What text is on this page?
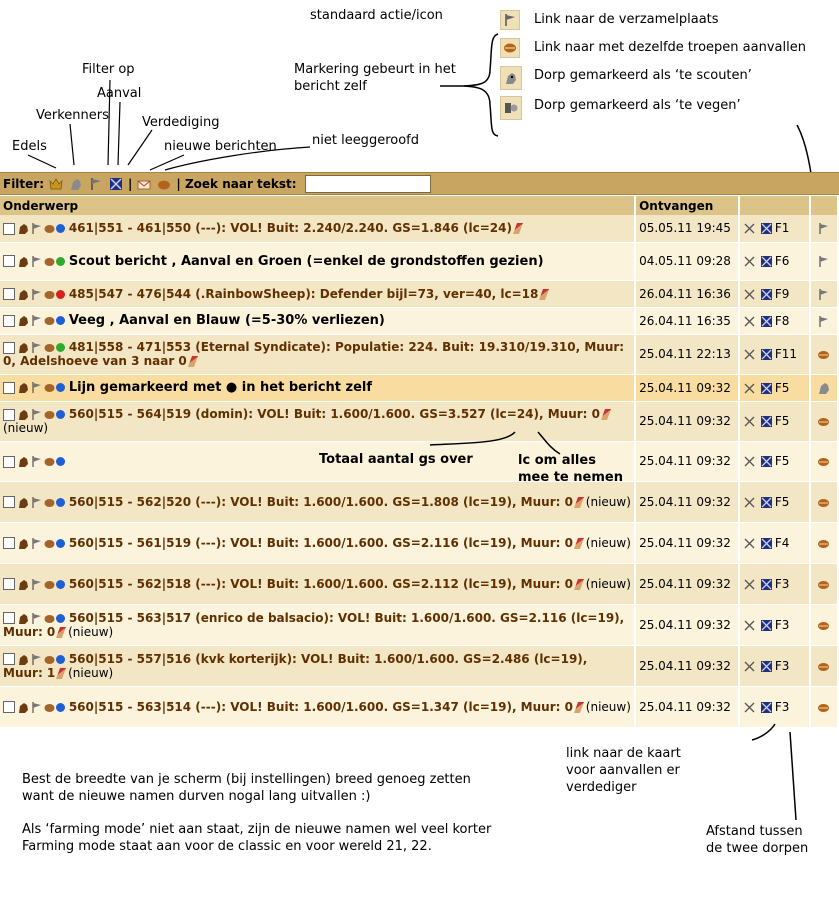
standaard actie/icon	Link naar de verzamelplaats
Link naar met dezelfde troepen aanvallen
Dorp gemarkeerd als ‘te scouten’
Dorp gemarkeerd als ‘te vegen’
Markering gebeurt in het
bericht zelf
Filter op
Aanval
Verkenners	Verdediging
Edels	nieuwe berichten	niet leeggeroofd
Filter:	|	| Zoek naar tekst:
Onderwerp	Ontvangen		
461|551 - 461|550 (---): VOL! Buit: 2.240/2.240. GS=1.846 (lc=24)	05.05.11 19:45	F1	
Scout bericht , Aanval en Groen (=enkel de grondstoffen gezien)	04.05.11 09:28	F6	
485|547 - 476|544 (.RainbowSheep): Defender bijl=73, ver=40, lc=18	26.04.11 16:36	F9	
Veeg , Aanval en Blauw (=5-30% verliezen)	26.04.11 16:35	F8	
481|558 - 471|553 (Eternal Syndicate): Populatie: 224. Buit: 19.310/19.310, Muur: 0, Adelshoeve van 3 naar 0	25.04.11 22:13	F11	
Lijn gemarkeerd met ● in het bericht zelf	25.04.11 09:32	F5	
560|515 - 564|519 (domin): VOL! Buit: 1.600/1.600. GS=3.527 (lc=24), Muur: 0 (nieuw)	25.04.11 09:32	F5	
	25.04.11 09:32	F5	
560|515 - 562|520 (---): VOL! Buit: 1.600/1.600. GS=1.808 (lc=19), Muur: 0 (nieuw)	25.04.11 09:32	F5	
560|515 - 561|519 (---): VOL! Buit: 1.600/1.600. GS=2.116 (lc=19), Muur: 0 (nieuw)	25.04.11 09:32	F4	
560|515 - 562|518 (---): VOL! Buit: 1.600/1.600. GS=2.112 (lc=19), Muur: 0 (nieuw)	25.04.11 09:32	F3	
560|515 - 563|517 (enrico de balsacio): VOL! Buit: 1.600/1.600. GS=2.116 (lc=19), Muur: 0 (nieuw)	25.04.11 09:32	F3	
560|515 - 557|516 (kvk korterijk): VOL! Buit: 1.600/1.600. GS=2.486 (lc=19), Muur: 1 (nieuw)	25.04.11 09:32	F3	
560|515 - 563|514 (---): VOL! Buit: 1.600/1.600. GS=1.347 (lc=19), Muur: 0 (nieuw)	25.04.11 09:32	F3	
Totaal aantal gs over	lc om alles
mee te nemen
link naar de kaart
voor aanvallen er
verdediger
Afstand tussen
de twee dorpen
Best de breedte van je scherm (bij instellingen) breed genoeg zetten
want de nieuwe namen durven nogal lang uitvallen :)
Als ‘farming mode’ niet aan staat, zijn de nieuwe namen wel veel korter
Farming mode staat aan voor de classic en voor wereld 21, 22.
